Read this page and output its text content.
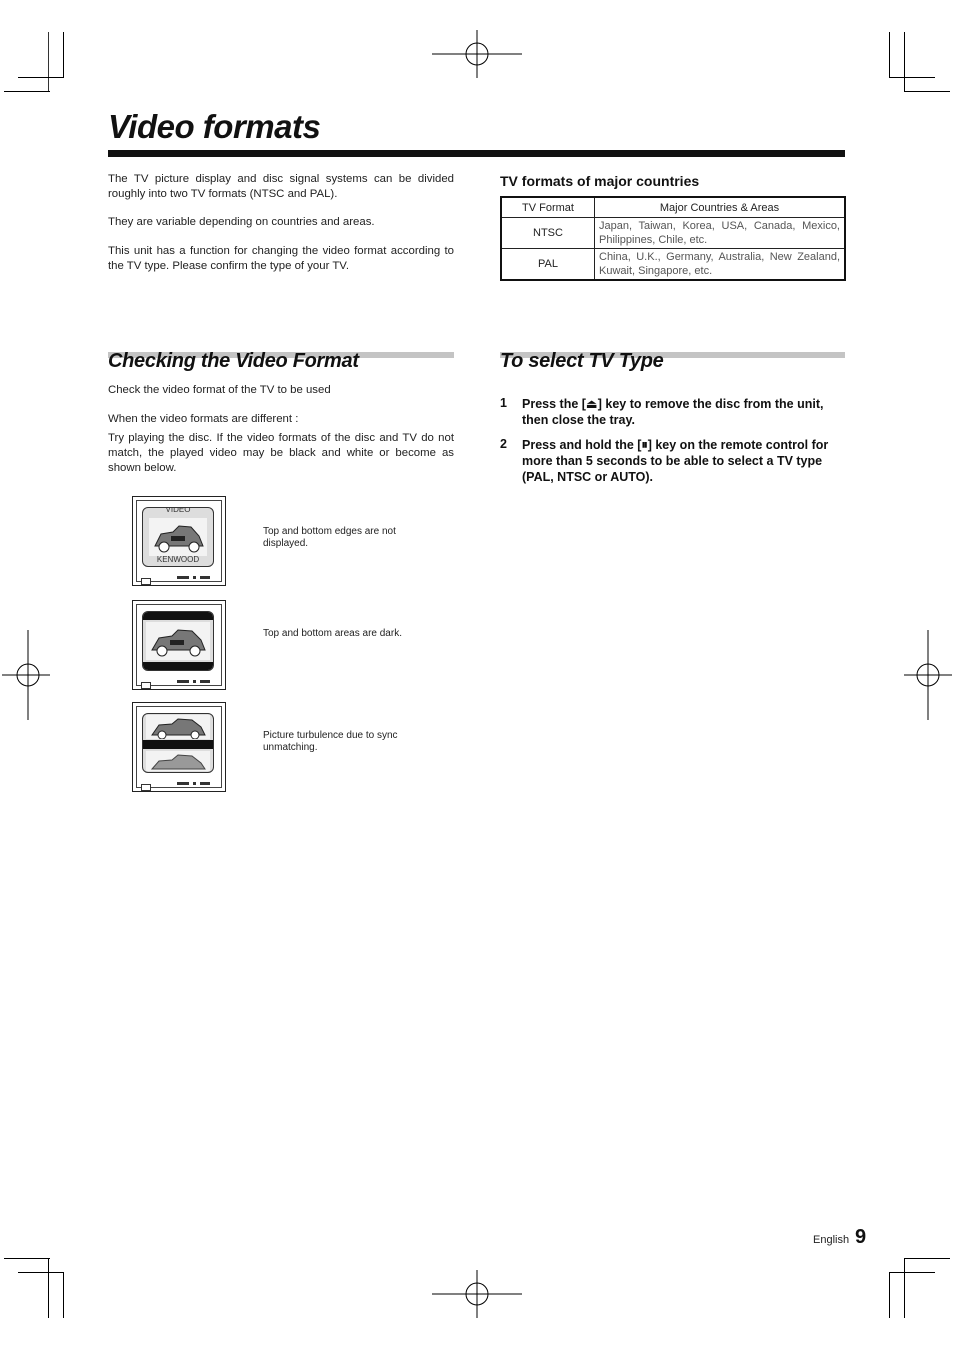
Video formats
The TV picture display and disc signal systems can be divided roughly into two TV formats (NTSC and PAL).
They are variable depending on countries and areas.
This unit has a function for changing the video format according to the TV type. Please confirm the type of your TV.
TV formats of major countries
TV Format	Major Countries & Areas
NTSC	Japan, Taiwan, Korea, USA, Canada, Mexico, Philippines, Chile, etc.
PAL	China, U.K., Germany, Australia, New Zealand, Kuwait, Singapore, etc.
Checking the Video Format
Check the video format of the TV to be used
When the video formats are different :
Try playing the disc. If the video formats of the disc and TV do not match, the played video may be black and white or become as shown below.
VIDEO
KENWOOD
Top and bottom edges are not displayed.
Top and bottom areas are dark.
Picture turbulence due to sync unmatching.
To select TV Type
1 Press the [⏏] key to remove the disc from the unit, then close the tray.
2 Press and hold the [⏸] key on the remote control for more than 5 seconds to be able to select a TV type (PAL, NTSC or AUTO).
English 9
